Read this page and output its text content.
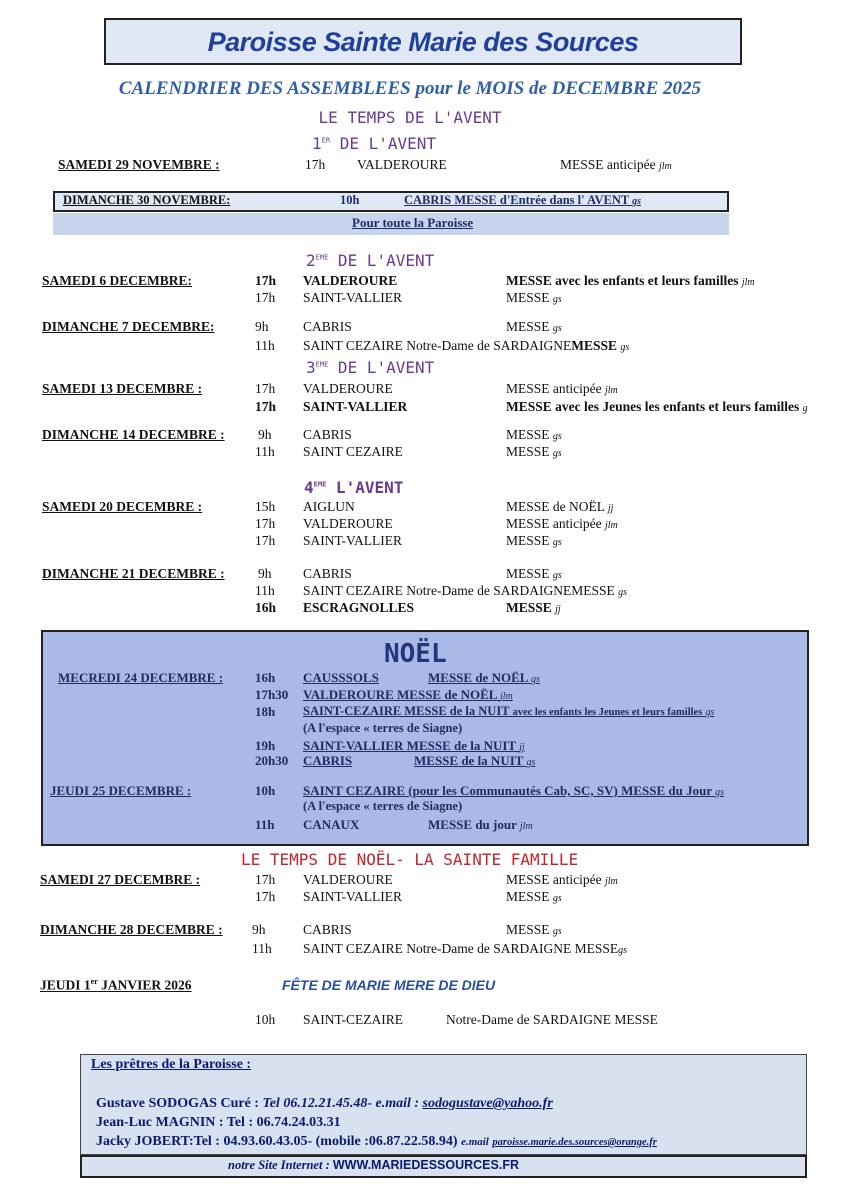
Paroisse Sainte Marie des Sources
CALENDRIER DES ASSEMBLEES pour le MOIS de DECEMBRE 2025
LE TEMPS DE L'AVENT
1ER DE L'AVENT
SAMEDI 29 NOVEMBRE :	17h VALDEROURE	MESSE anticipée jlm
DIMANCHE 30 NOVEMBRE:	10h	CABRIS MESSE d'Entrée dans l' AVENT gs
Pour toute la Paroisse
2EME DE L'AVENT
SAMEDI 6 DECEMBRE:	17h VALDEROURE	MESSE avec les enfants et leurs familles jlm
17h SAINT-VALLIER	MESSE gs
DIMANCHE 7 DECEMBRE:	9h	CABRIS	MESSE gs
11h SAINT CEZAIRE Notre-Dame de SARDAIGNEMESSE gs
3EME DE L'AVENT
SAMEDI 13 DECEMBRE :	17h VALDEROURE	MESSE anticipée jlm
17h SAINT-VALLIER	MESSE avec les Jeunes les enfants et leurs familles g
DIMANCHE 14 DECEMBRE : 9h CABRIS	MESSE gs
11h SAINT CEZAIRE	MESSE gs
4EME L'AVENT
SAMEDI 20 DECEMBRE :	15h AIGLUN	MESSE de NOËL jj
17h VALDEROURE	MESSE anticipée jlm
17h SAINT-VALLIER	MESSE gs
DIMANCHE 21 DECEMBRE : 9h CABRIS	MESSE gs
11h SAINT CEZAIRE Notre-Dame de SARDAIGNEMESSE gs
16h ESCRAGNOLLES	MESSE jj
NOËL
MECREDI 24 DECEMBRE : 16h CAUSSSOLS	MESSE de NOËL gs
17h30 VALDEROURE MESSE de NOËL jlm
18h SAINT-CEZAIRE MESSE de la NUIT avec les enfants les Jeunes et leurs familles gs
(A l'espace « terres de Siagne)
19h SAINT-VALLIER MESSE de la NUIT jj
20h30 CABRIS	MESSE de la NUIT gs
JEUDI 25 DECEMBRE :	10h SAINT CEZAIRE (pour les Communautés Cab, SC, SV) MESSE du Jour gs
(A l'espace « terres de Siagne)
11h CANAUX	MESSE du jour jlm
LE TEMPS DE NOËL- LA SAINTE FAMILLE
SAMEDI 27 DECEMBRE :	17h VALDEROURE	MESSE anticipée jlm
17h SAINT-VALLIER	MESSE gs
DIMANCHE 28 DECEMBRE : 9h	CABRIS	MESSE gs
11h SAINT CEZAIRE Notre-Dame de SARDAIGNE MESSEgs
JEUDI 1er JANVIER 2026	FÊTE DE MARIE MERE DE DIEU
10h SAINT-CEZAIRE	Notre-Dame de SARDAIGNE MESSE
Les prêtres de la Paroisse :
Gustave SODOGAS Curé : Tel 06.12.21.45.48- e.mail : sodogustave@yahoo.fr
Jean-Luc MAGNIN : Tel : 06.74.24.03.31
Jacky JOBERT:Tel : 04.93.60.43.05- (mobile :06.87.22.58.94) e.mail paroisse.marie.des.sources@orange.fr
notre Site Internet : WWW.MARIEDESSOURCES.FR
